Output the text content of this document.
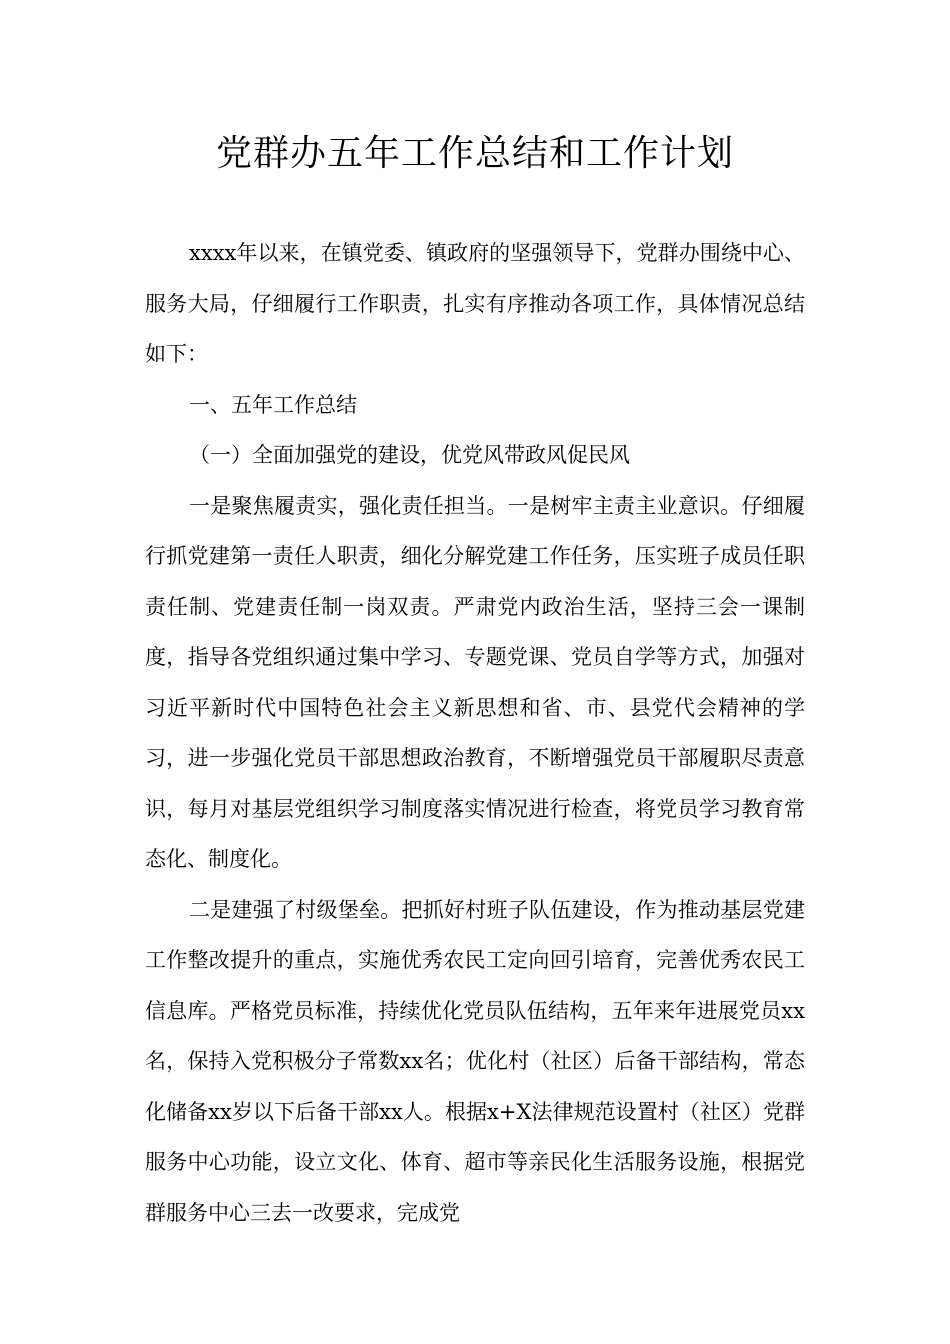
党群办五年工作总结和工作计划

xxxx年以来，在镇党委、镇政府的坚强领导下，党群办围绕中心、服务大局，仔细履行工作职责，扎实有序推动各项工作，具体情况总结如下：

一、五年工作总结

（一）全面加强党的建设，优党风带政风促民风

一是聚焦履责实，强化责任担当。一是树牢主责主业意识。仔细履行抓党建第一责任人职责，细化分解党建工作任务，压实班子成员任职责任制、党建责任制一岗双责。严肃党内政治生活，坚持三会一课制度，指导各党组织通过集中学习、专题党课、党员自学等方式，加强对习近平新时代中国特色社会主义新思想和省、市、县党代会精神的学习，进一步强化党员干部思想政治教育，不断增强党员干部履职尽责意识，每月对基层党组织学习制度落实情况进行检查，将党员学习教育常态化、制度化。

二是建强了村级堡垒。把抓好村班子队伍建设，作为推动基层党建工作整改提升的重点，实施优秀农民工定向回引培育，完善优秀农民工信息库。严格党员标准，持续优化党员队伍结构，五年来年进展党员xx名，保持入党积极分子常数xx名；优化村（社区）后备干部结构，常态化储备xx岁以下后备干部xx人。根据x+X法律规范设置村（社区）党群服务中心功能，设立文化、体育、超市等亲民化生活服务设施，根据党群服务中心三去一改要求，完成党
